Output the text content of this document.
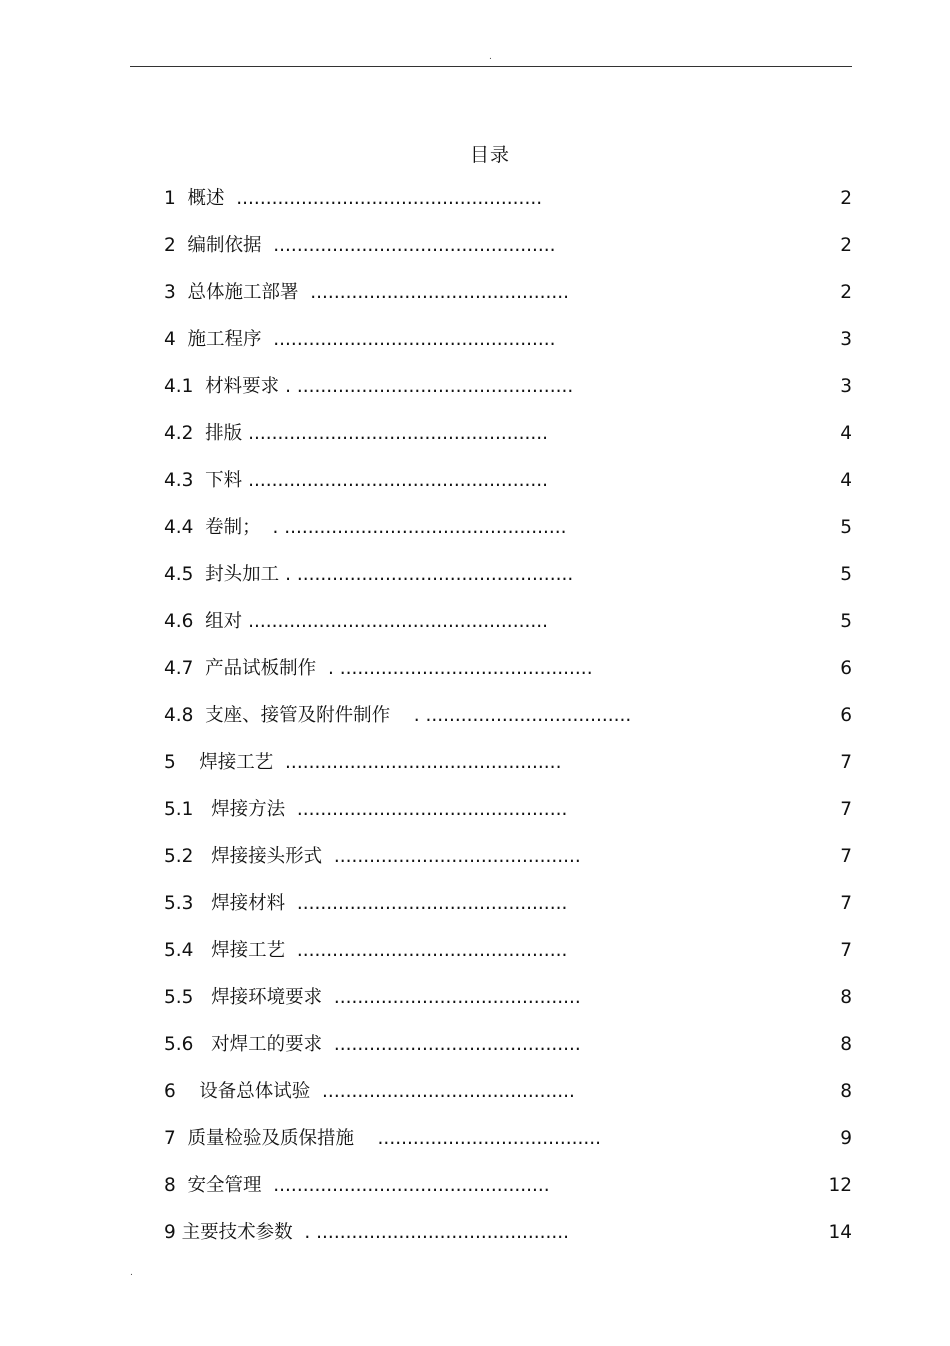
.
目录
1  概述  ....................................................	2
2  编制依据  ................................................	2
3  总体施工部署  ............................................	2
4  施工程序  ................................................	3
4.1  材料要求 . ...............................................	3
4.2  排版 ...................................................	4
4.3  下料 ...................................................	4
4.4  卷制；  . ................................................	5
4.5  封头加工 . ...............................................	5
4.6  组对 ...................................................	5
4.7  产品试板制作  . ...........................................	6
4.8  支座、接管及附件制作    . ...................................	6
5    焊接工艺  ...............................................	7
5.1   焊接方法  ..............................................	7
5.2   焊接接头形式  ..........................................	7
5.3   焊接材料  ..............................................	7
5.4   焊接工艺  ..............................................	7
5.5   焊接环境要求  ..........................................	8
5.6   对焊工的要求  ..........................................	8
6    设备总体试验  ...........................................	8
7  质量检验及质保措施    ......................................	9
8  安全管理  ...............................................	12
9 主要技术参数  . ...........................................	14
.
